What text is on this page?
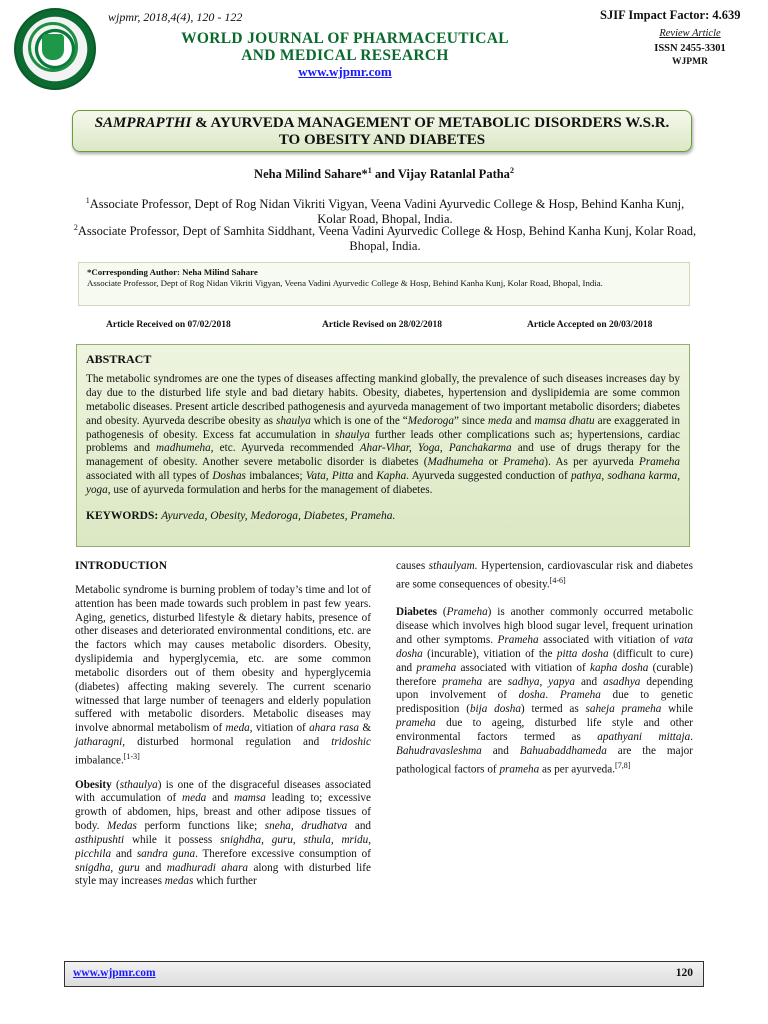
wjpmr, 2018,4(4), 120 - 122
WORLD JOURNAL OF PHARMACEUTICAL
AND MEDICAL RESEARCH
www.wjpmr.com
SJIF Impact Factor: 4.639
Review Article
ISSN 2455-3301
WJPMR
SAMPRAPTHI & AYURVEDA MANAGEMENT OF METABOLIC DISORDERS W.S.R.
TO OBESITY AND DIABETES
Neha Milind Sahare*$^1$ and Vijay Ratanlal Patha$^2$
$^1$Associate Professor, Dept of Rog Nidan Vikriti Vigyan, Veena Vadini Ayurvedic College & Hosp, Behind Kanha Kunj, Kolar Road, Bhopal, India.
$^2$Associate Professor, Dept of Samhita Siddhant, Veena Vadini Ayurvedic College & Hosp, Behind Kanha Kunj, Kolar Road, Bhopal, India.
*Corresponding Author: Neha Milind Sahare
Associate Professor, Dept of Rog Nidan Vikriti Vigyan, Veena Vadini Ayurvedic College & Hosp, Behind Kanha Kunj, Kolar Road, Bhopal, India.
Article Received on 07/02/2018	Article Revised on 28/02/2018	Article Accepted on 20/03/2018
ABSTRACT
The metabolic syndromes are one the types of diseases affecting mankind globally, the prevalence of such diseases increases day by day due to the disturbed life style and bad dietary habits. Obesity, diabetes, hypertension and dyslipidemia are some common metabolic diseases. Present article described pathogenesis and ayurveda management of two important metabolic disorders; diabetes and obesity. Ayurveda describe obesity as shaulya which is one of the “Medoroga” since meda and mamsa dhatu are exaggerated in pathogenesis of obesity. Excess fat accumulation in shaulya further leads other complications such as; hypertensions, cardiac problems and madhumeha, etc. Ayurveda recommended Ahar-Vihar, Yoga, Panchakarma and use of drugs therapy for the management of obesity. Another severe metabolic disorder is diabetes (Madhumeha or Prameha). As per ayurveda Prameha associated with all types of Doshas imbalances; Vata, Pitta and Kapha. Ayurveda suggested conduction of pathya, sodhana karma, yoga, use of ayurveda formulation and herbs for the management of diabetes.
KEYWORDS: Ayurveda, Obesity, Medoroga, Diabetes, Prameha.
INTRODUCTION

Metabolic syndrome is burning problem of today’s time and lot of attention has been made towards such problem in past few years. Aging, genetics, disturbed lifestyle & dietary habits, presence of other diseases and deteriorated environmental conditions, etc. are the factors which may causes metabolic disorders. Obesity, dyslipidemia and hyperglycemia, etc. are some common metabolic disorders out of them obesity and hyperglycemia (diabetes) affecting making severely. The current scenario witnessed that large number of teenagers and elderly population suffered with metabolic disorders. Metabolic diseases may involve abnormal metabolism of meda, vitiation of ahara rasa & jatharagni, disturbed hormonal regulation and tridoshic imbalance.[1-3]

Obesity (sthaulya) is one of the disgraceful diseases associated with accumulation of meda and mamsa leading to; excessive growth of abdomen, hips, breast and other adipose tissues of body. Medas perform functions like; sneha, drudhatva and asthipushti while it possess snighdha, guru, sthula, mridu, picchila and sandra guna. Therefore excessive consumption of snigdha, guru and madhuradi ahara along with disturbed life style may increases medas which further

causes sthaulyam. Hypertension, cardiovascular risk and diabetes are some consequences of obesity.[4-6]

Diabetes (Prameha) is another commonly occurred metabolic disease which involves high blood sugar level, frequent urination and other symptoms. Prameha associated with vitiation of vata dosha (incurable), vitiation of the pitta dosha (difficult to cure) and prameha associated with vitiation of kapha dosha (curable) therefore prameha are sadhya, yapya and asadhya depending upon involvement of dosha. Prameha due to genetic predisposition (bija dosha) termed as saheja prameha while prameha due to ageing, disturbed life style and other environmental factors termed as apathyani mittaja. Bahudravasleshma and Bahuabaddhameda are the major pathological factors of prameha as per ayurveda.[7,8]

www.wjpmr.com	120
